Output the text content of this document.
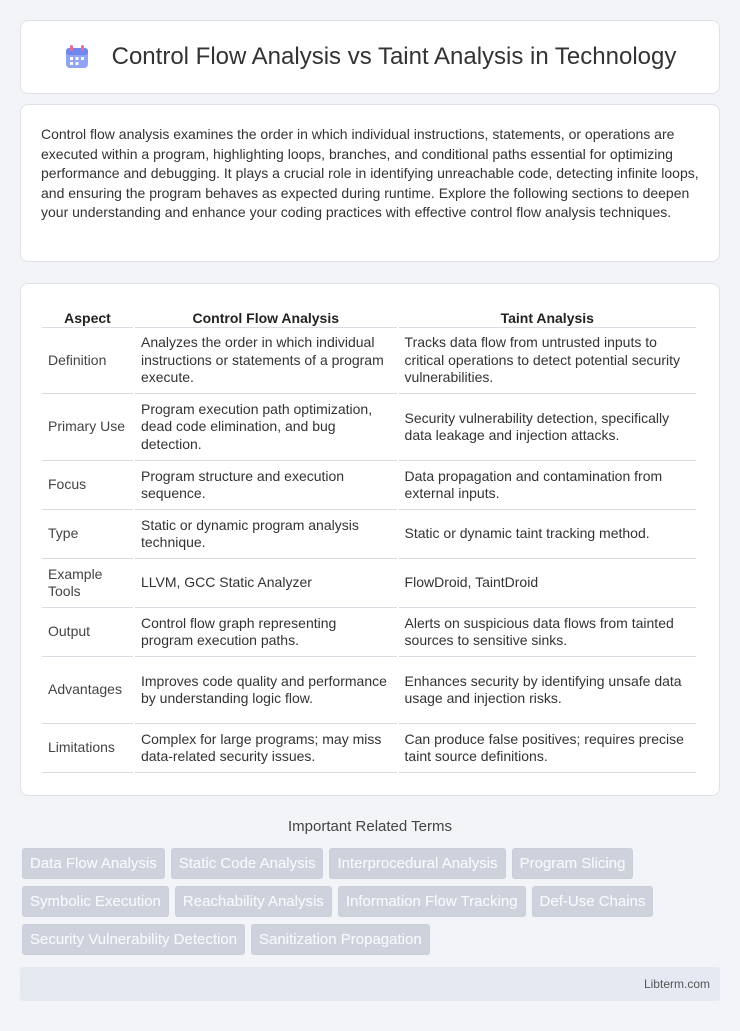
Control Flow Analysis vs Taint Analysis in Technology

Control flow analysis examines the order in which individual instructions, statements, or operations are executed within a program, highlighting loops, branches, and conditional paths essential for optimizing performance and debugging. It plays a crucial role in identifying unreachable code, detecting infinite loops, and ensuring the program behaves as expected during runtime. Explore the following sections to deepen your understanding and enhance your coding practices with effective control flow analysis techniques.

Aspect	Control Flow Analysis	Taint Analysis
Definition	Analyzes the order in which individual instructions or statements of a program execute.	Tracks data flow from untrusted inputs to critical operations to detect potential security vulnerabilities.
Primary Use	Program execution path optimization, dead code elimination, and bug detection.	Security vulnerability detection, specifically data leakage and injection attacks.
Focus	Program structure and execution sequence.	Data propagation and contamination from external inputs.
Type	Static or dynamic program analysis technique.	Static or dynamic taint tracking method.
Example Tools	LLVM, GCC Static Analyzer	FlowDroid, TaintDroid
Output	Control flow graph representing program execution paths.	Alerts on suspicious data flows from tainted sources to sensitive sinks.
Advantages	Improves code quality and performance by understanding logic flow.	Enhances security by identifying unsafe data usage and injection risks.
Limitations	Complex for large programs; may miss data-related security issues.	Can produce false positives; requires precise taint source definitions.
Important Related Terms
Data Flow Analysis	Static Code Analysis	Interprocedural Analysis	Program Slicing
Symbolic Execution	Reachability Analysis	Information Flow Tracking	Def-Use Chains
Security Vulnerability Detection	Sanitization Propagation
Libterm.com
